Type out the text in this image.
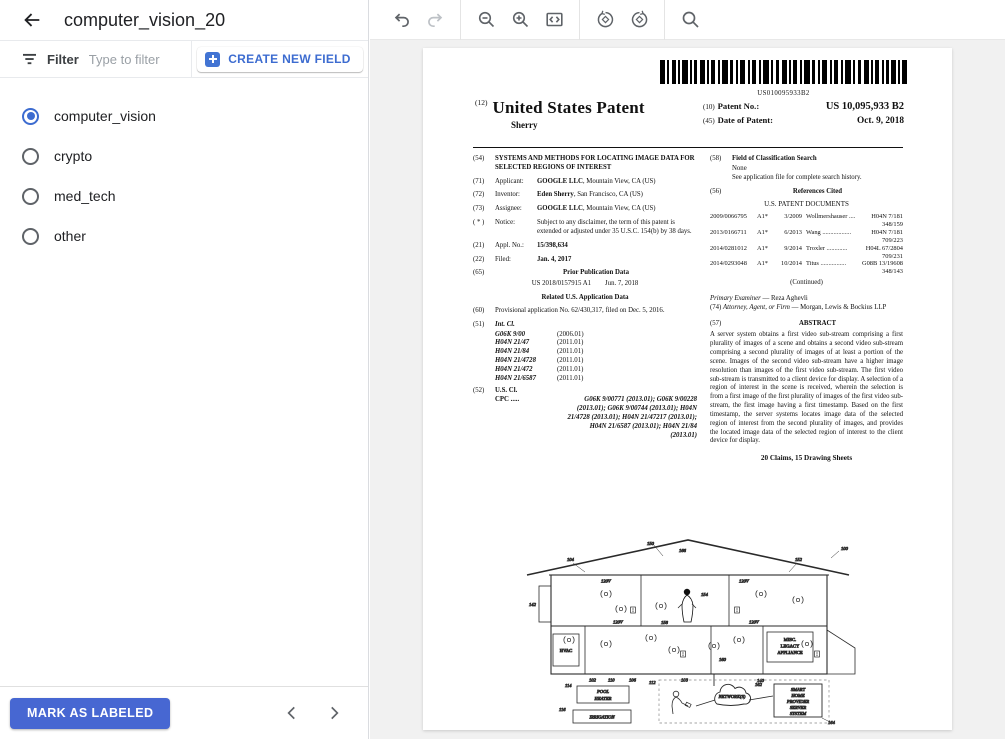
computer_vision_20
Filter
Type to filter	CREATE NEW FIELD
computer_vision
crypto
med_tech
other
MARK AS LABELED
US010095933B2
(12) United States Patent
Sherry
(10) Patent No.:	US 10,095,933 B2
(45) Date of Patent:	Oct. 9, 2018
(54)	SYSTEMS AND METHODS FOR LOCATING IMAGE DATA FOR SELECTED REGIONS OF INTEREST
(71)	Applicant:	GOOGLE LLC, Mountain View, CA (US)
(72)	Inventor:	Eden Sherry, San Francisco, CA (US)
(73)	Assignee:	GOOGLE LLC, Mountain View, CA (US)
( * )	Notice:	Subject to any disclaimer, the term of this patent is extended or adjusted under 35 U.S.C. 154(b) by 38 days.
(21)	Appl. No.:	15/398,634
(22)	Filed:	Jan. 4, 2017
(65)	Prior Publication Data
US 2018/0157915 A1 Jun. 7, 2018
Related U.S. Application Data
(60)	Provisional application No. 62/430,317, filed on Dec. 5, 2016.
(51)	Int. Cl.
G06K 9/00	(2006.01)
H04N 21/47	(2011.01)
H04N 21/84	(2011.01)
H04N 21/4728	(2011.01)
H04N 21/472	(2011.01)
H04N 21/6587	(2011.01)
(52)	U.S. Cl.
CPC .....	G06K 9/00771 (2013.01); G06K 9/00228
(2013.01); G06K 9/00744 (2013.01); H04N
21/4728 (2013.01); H04N 21/47217 (2013.01);
H04N 21/6587 (2013.01); H04N 21/84
(2013.01)
(58)	Field of Classification Search
None
See application file for complete search history.
(56)	References Cited
U.S. PATENT DOCUMENTS
2009/0066795	A1*	3/2009 Wollmershauser ....	H04N 7/181
348/159
2013/0166711	A1*	6/2013 Wang ..................	H04N 7/181
709/223
2014/0281012	A1*	9/2014 Troxler .............	H04L 67/2804
709/231
2014/0293048	A1*	10/2014 Titus ................	G08B 13/19608
348/143
(Continued)
Primary Examiner — Reza Aghevli
(74) Attorney, Agent, or Firm — Morgan, Lewis & Bockius LLP
(57)	ABSTRACT
A server system obtains a first video sub-stream comprising a first plurality of images of a scene and obtains a second video sub-stream comprising a second plurality of images of at least a portion of the scene. Images of the second video sub-stream have a higher image resolution than images of the first video sub-stream. The first video sub-stream is transmitted to a client device for display. A selection of a region of interest in the scene is received, wherein the selection is from a first image of the first plurality of images of the first video sub-stream, the first image having a first timestamp. Based on the first timestamp, the server systems locates image data of the selected region of interest from the second plurality of images, and provides the located image data of the selected region of interest to the client device for display.
20 Claims, 15 Drawing Sheets
HVAC
MISC.
LEGACY
APPLIANCE
120V	120V
120V	120V
150
166
104	152
100
142
154
158
102	110	112
106	108	140
160
POOL
HEATER
114
IRRIGATION
116
NETWORK(S)
162
SMART
HOME
PROVIDER
SERVER
SYSTEM
164
